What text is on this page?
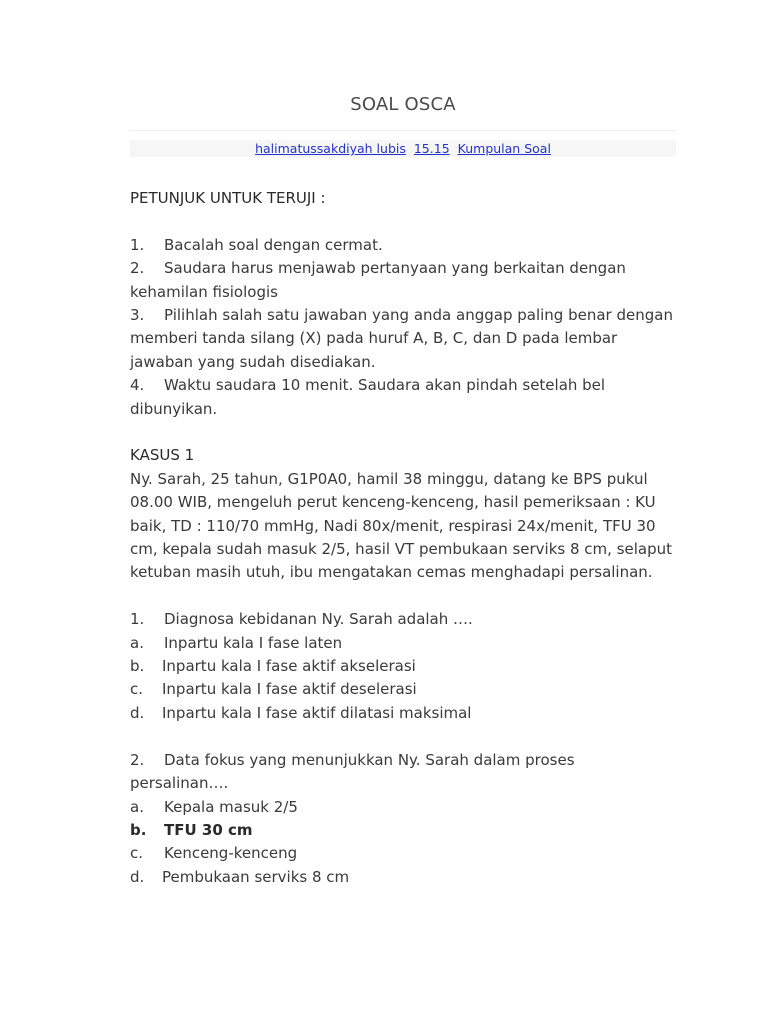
SOAL OSCA
halimatussakdiyah lubis 15.15 Kumpulan Soal

PETUNJUK UNTUK TERUJI :

1. Bacalah soal dengan cermat.

2. Saudara harus menjawab pertanyaan yang berkaitan dengan kehamilan fisiologis

3. Pilihlah salah satu jawaban yang anda anggap paling benar dengan memberi tanda silang (X) pada huruf A, B, C, dan D pada lembar jawaban yang sudah disediakan.

4. Waktu saudara 10 menit. Saudara akan pindah setelah bel dibunyikan.

KASUS 1

Ny. Sarah, 25 tahun, G1P0A0, hamil 38 minggu, datang ke BPS pukul 08.00 WIB, mengeluh perut kenceng-kenceng, hasil pemeriksaan : KU baik, TD : 110/70 mmHg, Nadi 80x/menit, respirasi 24x/menit, TFU 30 cm, kepala sudah masuk 2/5, hasil VT pembukaan serviks 8 cm, selaput ketuban masih utuh, ibu mengatakan cemas menghadapi persalinan.

1. Diagnosa kebidanan Ny. Sarah adalah ….

a. Inpartu kala I fase laten

b. Inpartu kala I fase aktif akselerasi

c. Inpartu kala I fase aktif deselerasi

d. Inpartu kala I fase aktif dilatasi maksimal

2. Data fokus yang menunjukkan Ny. Sarah dalam proses persalinan….

a. Kepala masuk 2/5

b. TFU 30 cm

c. Kenceng-kenceng

d. Pembukaan serviks 8 cm
